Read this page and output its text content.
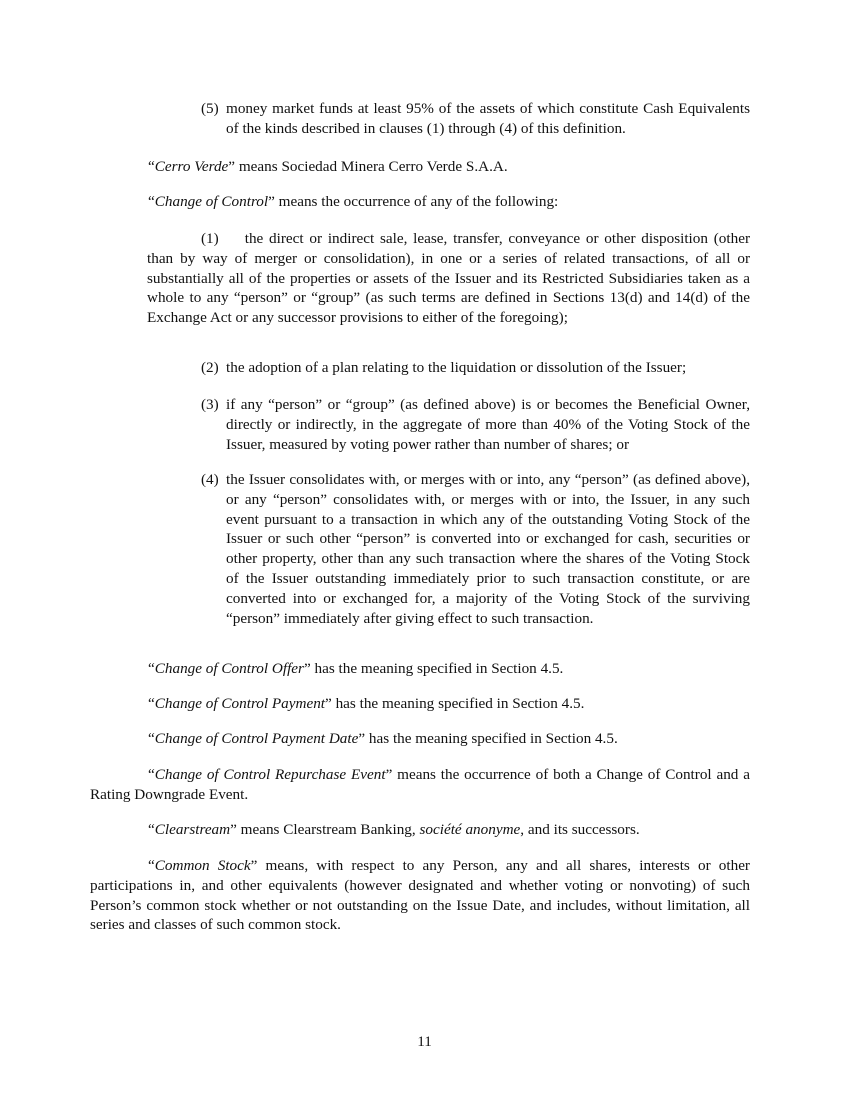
(5) money market funds at least 95% of the assets of which constitute Cash Equivalents of the kinds described in clauses (1) through (4) of this definition.

“Cerro Verde” means Sociedad Minera Cerro Verde S.A.A.

“Change of Control” means the occurrence of any of the following:

(1) the direct or indirect sale, lease, transfer, conveyance or other disposition (other than by way of merger or consolidation), in one or a series of related transactions, of all or substantially all of the properties or assets of the Issuer and its Restricted Subsidiaries taken as a whole to any “person” or “group” (as such terms are defined in Sections 13(d) and 14(d) of the Exchange Act or any successor provisions to either of the foregoing);

(2) the adoption of a plan relating to the liquidation or dissolution of the Issuer;
(3) if any “person” or “group” (as defined above) is or becomes the Beneficial Owner, directly or indirectly, in the aggregate of more than 40% of the Voting Stock of the Issuer, measured by voting power rather than number of shares; or
(4) the Issuer consolidates with, or merges with or into, any “person” (as defined above), or any “person” consolidates with, or merges with or into, the Issuer, in any such event pursuant to a transaction in which any of the outstanding Voting Stock of the Issuer or such other “person” is converted into or exchanged for cash, securities or other property, other than any such transaction where the shares of the Voting Stock of the Issuer outstanding immediately prior to such transaction constitute, or are converted into or exchanged for, a majority of the Voting Stock of the surviving “person” immediately after giving effect to such transaction.

“Change of Control Offer” has the meaning specified in Section 4.5.

“Change of Control Payment” has the meaning specified in Section 4.5.

“Change of Control Payment Date” has the meaning specified in Section 4.5.

“Change of Control Repurchase Event” means the occurrence of both a Change of Control and a Rating Downgrade Event.

“Clearstream” means Clearstream Banking, société anonyme, and its successors.

“Common Stock” means, with respect to any Person, any and all shares, interests or other participations in, and other equivalents (however designated and whether voting or nonvoting) of such Person’s common stock whether or not outstanding on the Issue Date, and includes, without limitation, all series and classes of such common stock.

11
